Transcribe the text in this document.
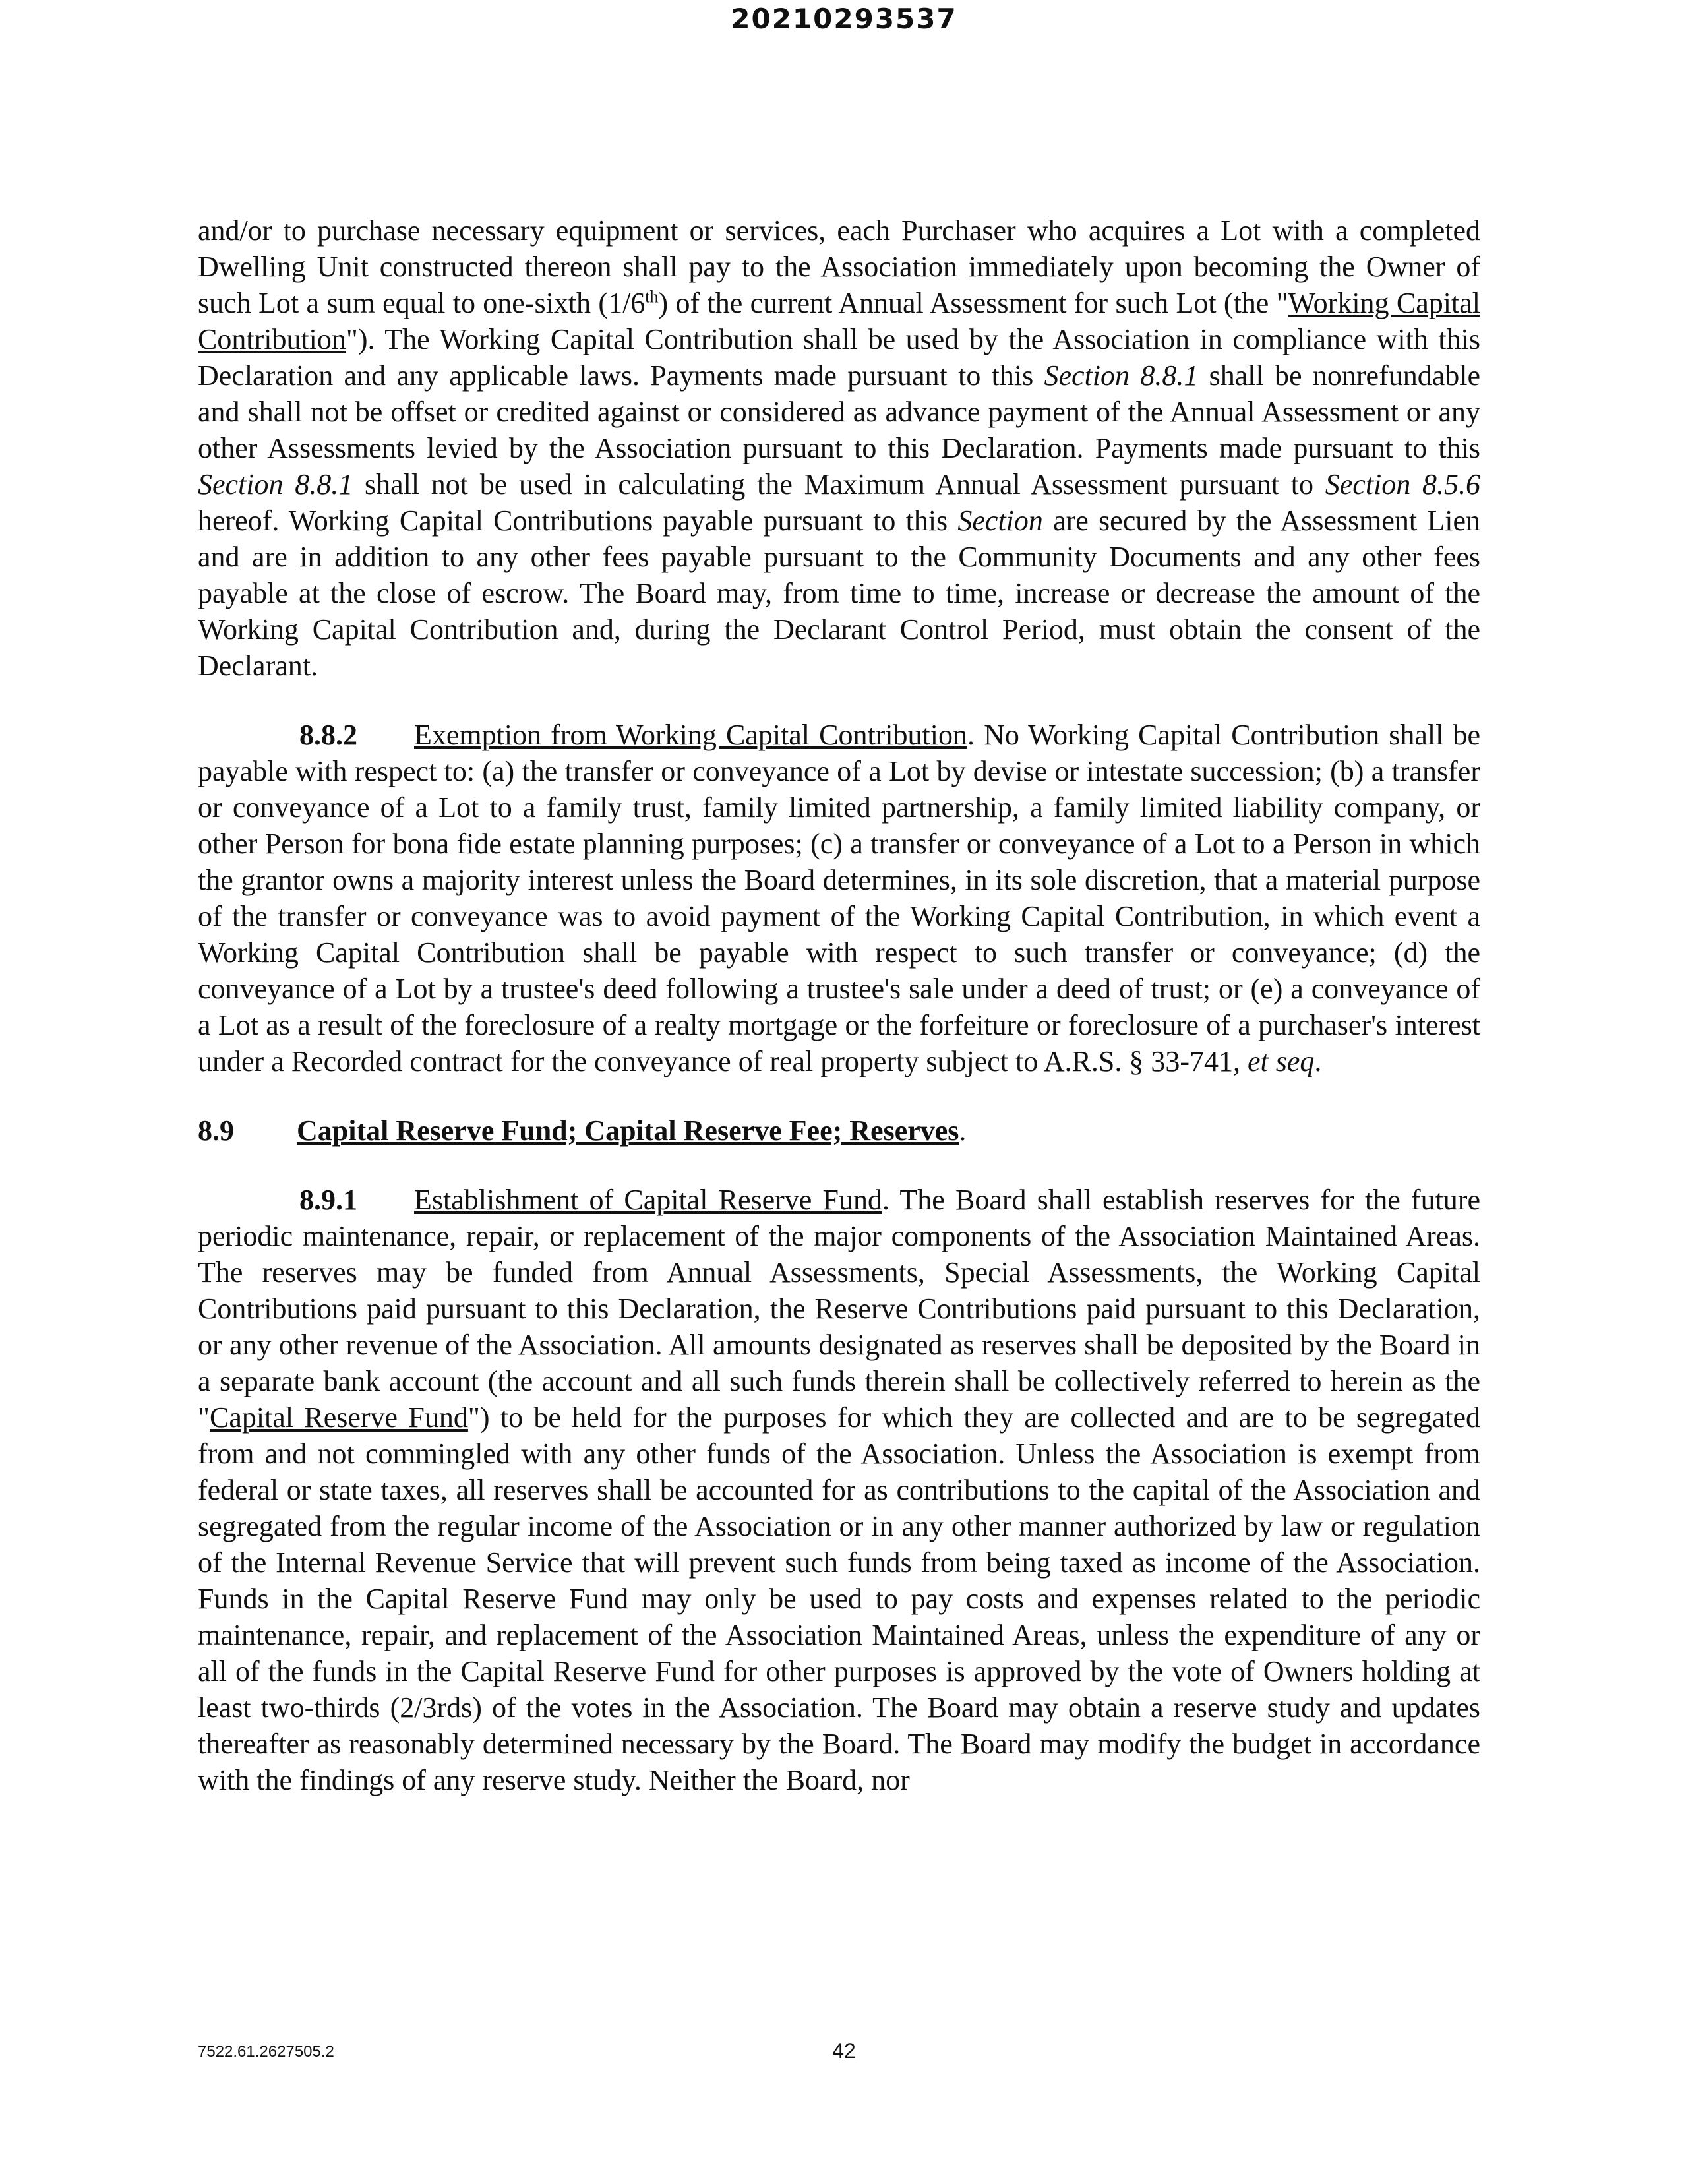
20210293537

and/or to purchase necessary equipment or services, each Purchaser who acquires a Lot with a completed Dwelling Unit constructed thereon shall pay to the Association immediately upon becoming the Owner of such Lot a sum equal to one-sixth (1/6th) of the current Annual Assessment for such Lot (the "Working Capital Contribution"). The Working Capital Contribution shall be used by the Association in compliance with this Declaration and any applicable laws. Payments made pursuant to this Section 8.8.1 shall be nonrefundable and shall not be offset or credited against or considered as advance payment of the Annual Assessment or any other Assessments levied by the Association pursuant to this Declaration. Payments made pursuant to this Section 8.8.1 shall not be used in calculating the Maximum Annual Assessment pursuant to Section 8.5.6 hereof. Working Capital Contributions payable pursuant to this Section are secured by the Assessment Lien and are in addition to any other fees payable pursuant to the Community Documents and any other fees payable at the close of escrow. The Board may, from time to time, increase or decrease the amount of the Working Capital Contribution and, during the Declarant Control Period, must obtain the consent of the Declarant.

8.8.2 Exemption from Working Capital Contribution. No Working Capital Contribution shall be payable with respect to: (a) the transfer or conveyance of a Lot by devise or intestate succession; (b) a transfer or conveyance of a Lot to a family trust, family limited partnership, a family limited liability company, or other Person for bona fide estate planning purposes; (c) a transfer or conveyance of a Lot to a Person in which the grantor owns a majority interest unless the Board determines, in its sole discretion, that a material purpose of the transfer or conveyance was to avoid payment of the Working Capital Contribution, in which event a Working Capital Contribution shall be payable with respect to such transfer or conveyance; (d) the conveyance of a Lot by a trustee's deed following a trustee's sale under a deed of trust; or (e) a conveyance of a Lot as a result of the foreclosure of a realty mortgage or the forfeiture or foreclosure of a purchaser's interest under a Recorded contract for the conveyance of real property subject to A.R.S. § 33-741, et seq.

8.9 Capital Reserve Fund; Capital Reserve Fee; Reserves.

8.9.1 Establishment of Capital Reserve Fund. The Board shall establish reserves for the future periodic maintenance, repair, or replacement of the major components of the Association Maintained Areas. The reserves may be funded from Annual Assessments, Special Assessments, the Working Capital Contributions paid pursuant to this Declaration, the Reserve Contributions paid pursuant to this Declaration, or any other revenue of the Association. All amounts designated as reserves shall be deposited by the Board in a separate bank account (the account and all such funds therein shall be collectively referred to herein as the "Capital Reserve Fund") to be held for the purposes for which they are collected and are to be segregated from and not commingled with any other funds of the Association. Unless the Association is exempt from federal or state taxes, all reserves shall be accounted for as contributions to the capital of the Association and segregated from the regular income of the Association or in any other manner authorized by law or regulation of the Internal Revenue Service that will prevent such funds from being taxed as income of the Association. Funds in the Capital Reserve Fund may only be used to pay costs and expenses related to the periodic maintenance, repair, and replacement of the Association Maintained Areas, unless the expenditure of any or all of the funds in the Capital Reserve Fund for other purposes is approved by the vote of Owners holding at least two-thirds (2/3rds) of the votes in the Association. The Board may obtain a reserve study and updates thereafter as reasonably determined necessary by the Board. The Board may modify the budget in accordance with the findings of any reserve study. Neither the Board, nor

7522.61.2627505.2	42
